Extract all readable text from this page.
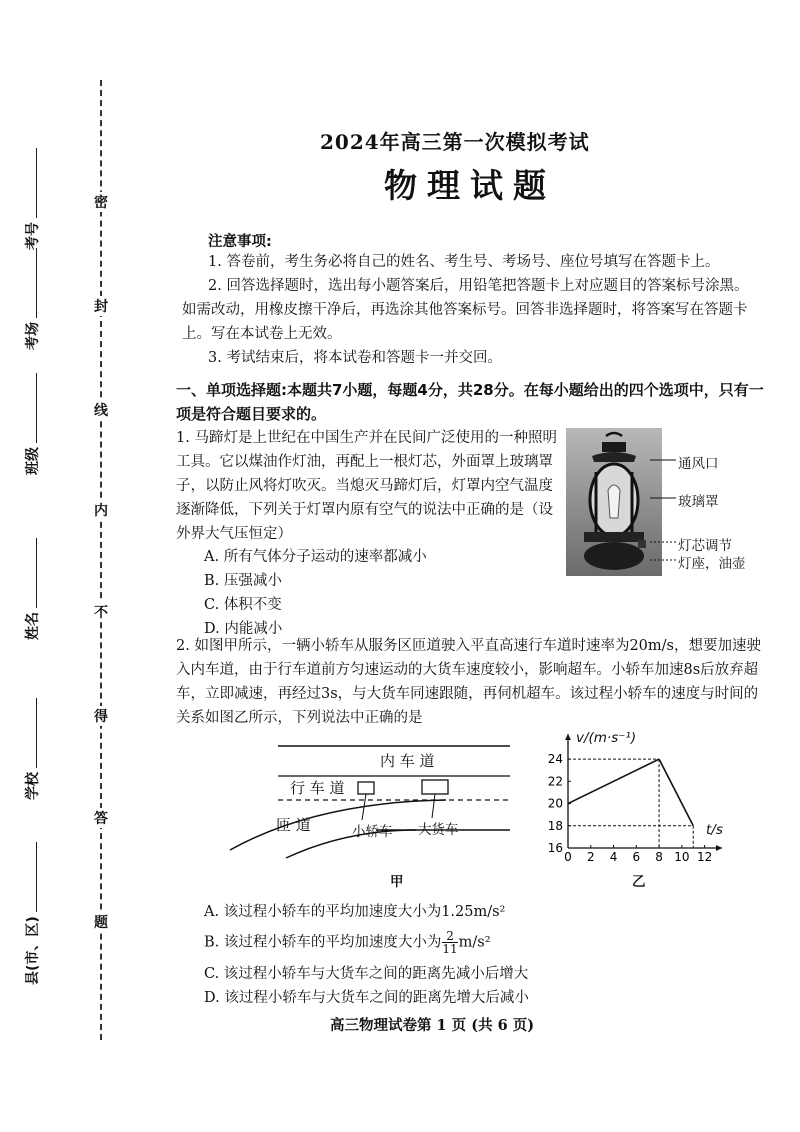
密
封
线
内
不
得
答
题
考号
考场
班级
姓名
学校
县(市、区)
2024年高三第一次模拟考试
物理试题
注意事项:
1. 答卷前，考生务必将自己的姓名、考生号、考场号、座位号填写在答题卡上。
2. 回答选择题时，选出每小题答案后，用铅笔把答题卡上对应题目的答案标号涂黑。如需改动，用橡皮擦干净后，再选涂其他答案标号。回答非选择题时，将答案写在答题卡上。写在本试卷上无效。
3. 考试结束后，将本试卷和答题卡一并交回。
一、单项选择题:本题共7小题，每题4分，共28分。在每小题给出的四个选项中，只有一项是符合题目要求的。
1. 马蹄灯是上世纪在中国生产并在民间广泛使用的一种照明工具。它以煤油作灯油，再配上一根灯芯，外面罩上玻璃罩子，以防止风将灯吹灭。当熄灭马蹄灯后，灯罩内空气温度逐渐降低，下列关于灯罩内原有空气的说法中正确的是（设外界大气压恒定）
A. 所有气体分子运动的速率都减小
B. 压强减小
C. 体积不变
D. 内能减小
通风口
玻璃罩
灯芯调节
灯座，油壶
2. 如图甲所示，一辆小轿车从服务区匝道驶入平直高速行车道时速率为20m/s，想要加速驶入内车道，由于行车道前方匀速运动的大货车速度较小，影响超车。小轿车加速8s后放弃超车，立即减速，再经过3s，与大货车同速跟随，再伺机超车。该过程小轿车的速度与时间的关系如图乙所示，下列说法中正确的是
内 车 道
行 车 道
匝 道	小轿车 大货车
甲
0 2 4 6 8 10 12
16
18
20
22
24
v/(m·s⁻¹)
t/s
乙
A. 该过程小轿车的平均加速度大小为1.25m/s²
B. 该过程小轿车的平均加速度大小为 $\frac{2}{11} m/s^2$
C. 该过程小轿车与大货车之间的距离先减小后增大
D. 该过程小轿车与大货车之间的距离先增大后减小
高三物理试卷第 1 页 (共 6 页)
